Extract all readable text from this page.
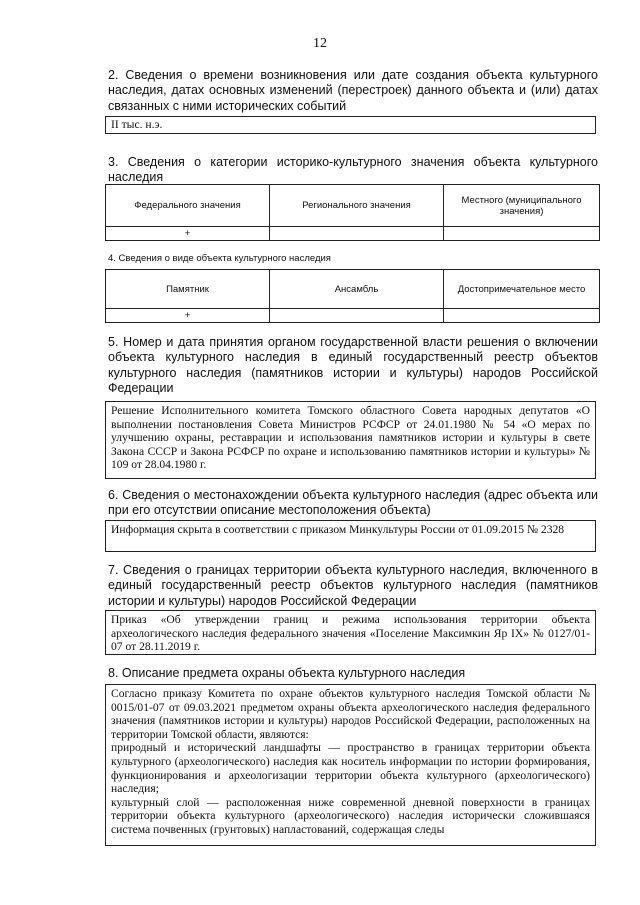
12
2. Сведения о времени возникновения или дате создания объекта культурного наследия, датах основных изменений (перестроек) данного объекта и (или) датах связанных с ними исторических событий
II тыс. н.э.
3. Сведения о категории историко-культурного значения объекта культурного наследия
Федерального значения	Регионального значения	Местного (муниципального значения)
+		
4. Сведения о виде объекта культурного наследия
Памятник	Ансамбль	Достопримечательное место
+		
5. Номер и дата принятия органом государственной власти решения о включении объекта культурного наследия в единый государственный реестр объектов культурного наследия (памятников истории и культуры) народов Российской Федерации
Решение Исполнительного комитета Томского областного Совета народных депутатов «О выполнении постановления Совета Министров РСФСР от 24.01.1980 № 54 «О мерах по улучшению охраны, реставрации и использования памятников истории и культуры в свете Закона СССР и Закона РСФСР по охране и использованию памятников истории и культуры» № 109 от 28.04.1980 г.
6. Сведения о местонахождении объекта культурного наследия (адрес объекта или при его отсутствии описание местоположения объекта)
Информация скрыта в соответствии с приказом Минкультуры России от 01.09.2015 № 2328
7. Сведения о границах территории объекта культурного наследия, включенного в единый государственный реестр объектов культурного наследия (памятников истории и культуры) народов Российской Федерации
Приказ «Об утверждении границ и режима использования территории объекта археологического наследия федерального значения «Поселение Максимкин Яр IX» № 0127/01-07 от 28.11.2019 г.
8. Описание предмета охраны объекта культурного наследия

Согласно приказу Комитета по охране объектов культурного наследия Томской области № 0015/01-07 от 09.03.2021 предметом охраны объекта археологического наследия федерального значения (памятников истории и культуры) народов Российской Федерации, расположенных на территории Томской области, являются:

природный и исторический ландшафты — пространство в границах территории объекта культурного (археологического) наследия как носитель информации по истории формирования, функционирования и археологизации территории объекта культурного (археологического) наследия;

культурный слой — расположенная ниже современной дневной поверхности в границах территории объекта культурного (археологического) наследия исторически сложившаяся система почвенных (грунтовых) напластований, содержащая следы
